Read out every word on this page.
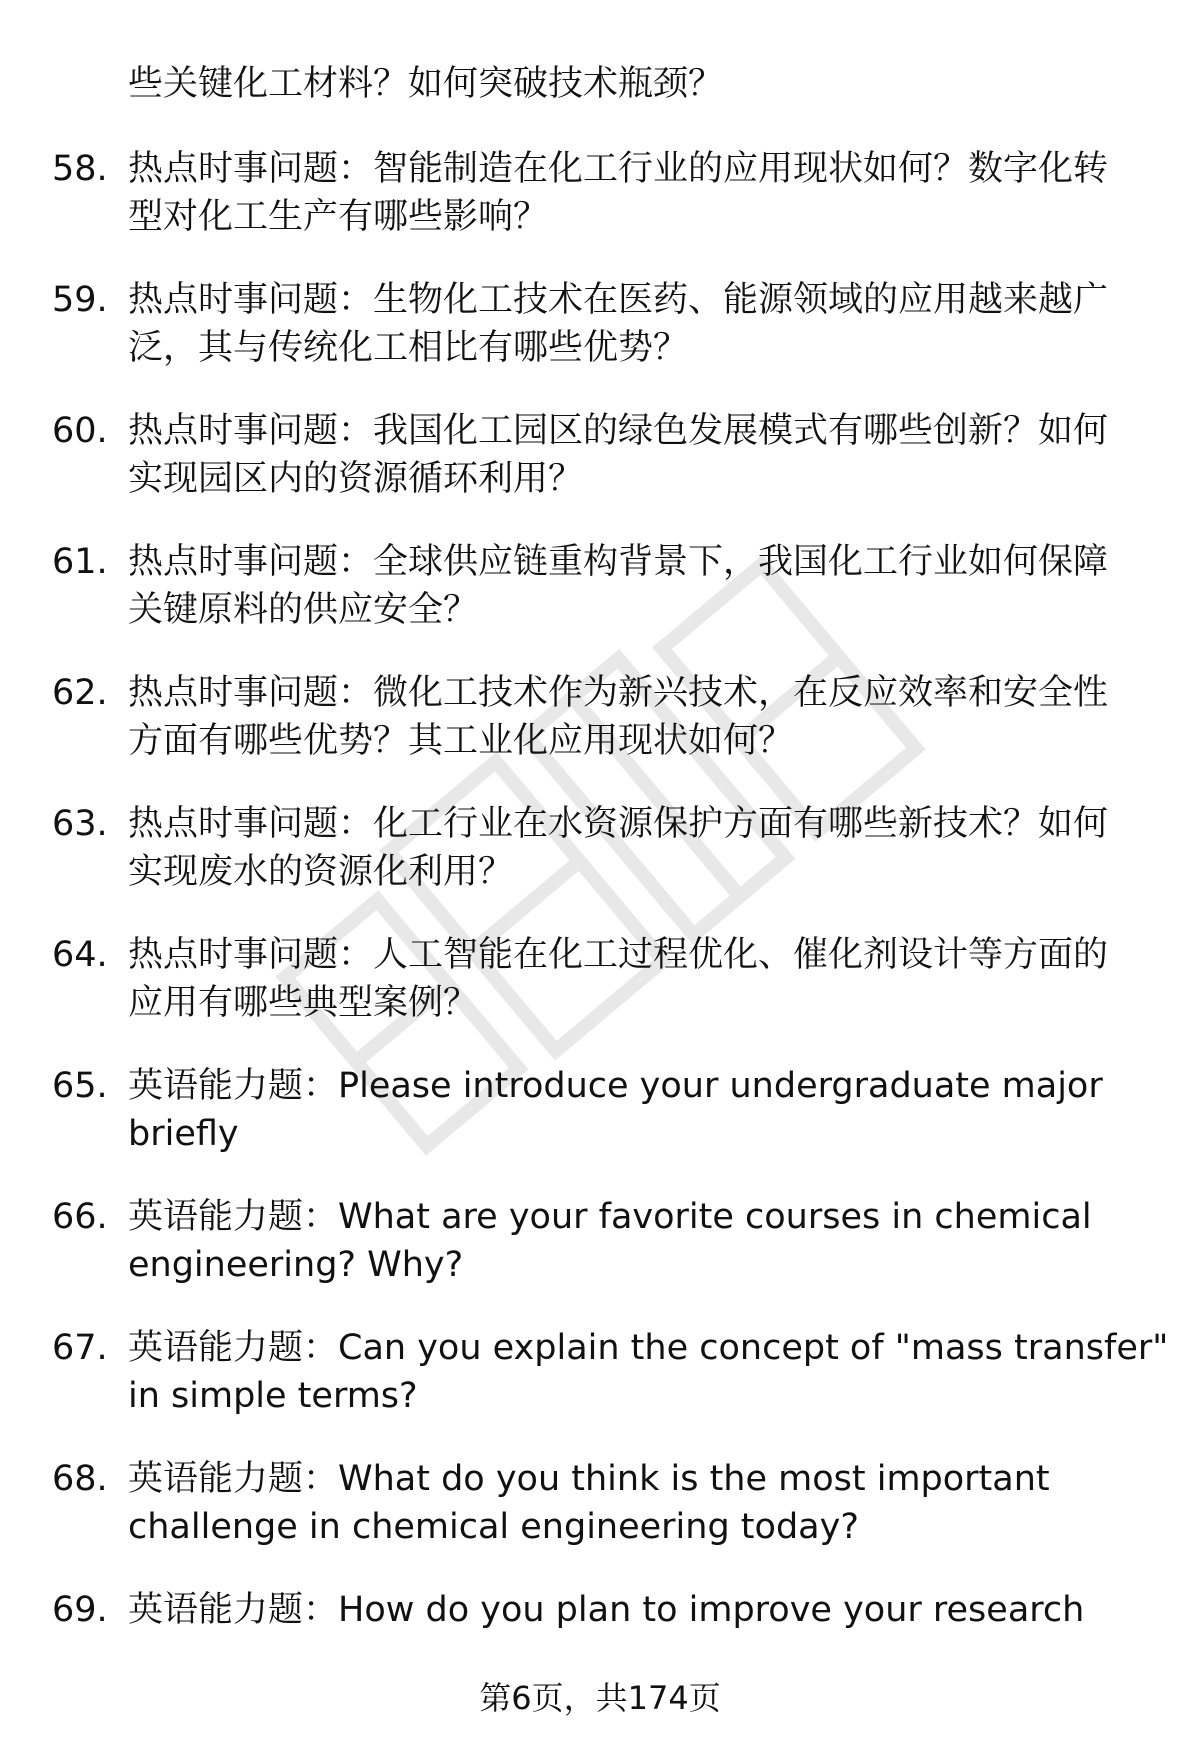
些关键化工材料？如何突破技术瓶颈？
58. 热点时事问题：智能制造在化工行业的应用现状如何？数字化转
型对化工生产有哪些影响？
59. 热点时事问题：生物化工技术在医药、能源领域的应用越来越广
泛，其与传统化工相比有哪些优势？
60. 热点时事问题：我国化工园区的绿色发展模式有哪些创新？如何
实现园区内的资源循环利用？
61. 热点时事问题：全球供应链重构背景下，我国化工行业如何保障
关键原料的供应安全？
62. 热点时事问题：微化工技术作为新兴技术，在反应效率和安全性
方面有哪些优势？其工业化应用现状如何？
63. 热点时事问题：化工行业在水资源保护方面有哪些新技术？如何
实现废水的资源化利用？
64. 热点时事问题：人工智能在化工过程优化、催化剂设计等方面的
应用有哪些典型案例？
65. 英语能力题：Please introduce your undergraduate major
briefly
66. 英语能力题：What are your favorite courses in chemical
engineering? Why?
67. 英语能力题：Can you explain the concept of "mass transfer"
in simple terms?
68. 英语能力题：What do you think is the most important
challenge in chemical engineering today?
69. 英语能力题：How do you plan to improve your research
第6页，共174页
